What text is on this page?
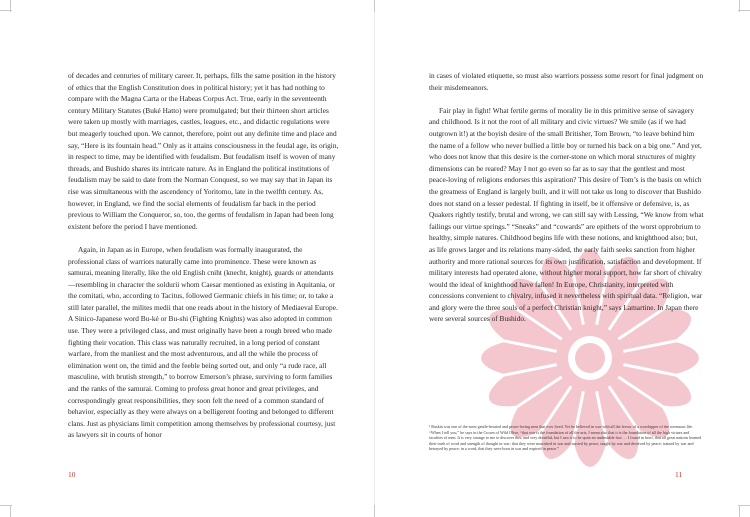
of decades and centuries of military career. It, perhaps, fills the same position in the history of ethics that the English Constitution does in political history; yet it has had nothing to compare with the Magna Carta or the Habeas Corpus Act. True, early in the seventeenth century Military Statutes (Buké Hatto) were promulgated; but their thirteen short articles were taken up mostly with marriages, castles, leagues, etc., and didactic regulations were but meagerly touched upon. We cannot, therefore, point out any definite time and place and say, “Here is its fountain head.” Only as it attains consciousness in the feudal age, its origin, in respect to time, may be identified with feudalism. But feudalism itself is woven of many threads, and Bushido shares its intricate nature. As in England the political institutions of feudalism may be said to date from the Norman Conquest, so we may say that in Japan its rise was simultaneous with the ascendency of Yoritomo, late in the twelfth century. As, however, in England, we find the social elements of feudalism far back in the period previous to William the Conqueror, so, too, the germs of feudalism in Japan had been long existent before the period I have mentioned.

Again, in Japan as in Europe, when feudalism was formally inaugurated, the professional class of warriors naturally came into prominence. These were known as samurai, meaning literally, like the old English cniht (knecht, knight), guards or attendants—resembling in character the soldurii whom Caesar mentioned as existing in Aquitania, or the comitati, who, according to Tacitus, followed Germanic chiefs in his time; or, to take a still later parallel, the milites medii that one reads about in the history of Mediaeval Europe. A Sinico-Japanese word Bu-ké or Bu-shi (Fighting Knights) was also adopted in common use. They were a privileged class, and must originally have been a rough breed who made fighting their vocation. This class was naturally recruited, in a long period of constant warfare, from the manliest and the most adventurous, and all the while the process of elimination went on, the timid and the feeble being sorted out, and only “a rude race, all masculine, with brutish strength,” to borrow Emerson’s phrase, surviving to form families and the ranks of the samurai. Coming to profess great honor and great privileges, and correspondingly great responsibilities, they soon felt the need of a common standard of behavior, especially as they were always on a belligerent footing and belonged to different clans. Just as physicians limit competition among themselves by professional courtesy, just as lawyers sit in courts of honor

10

in cases of violated etiquette, so must also warriors possess some resort for final judgment on their misdemeanors.

Fair play in fight! What fertile germs of morality lie in this primitive sense of savagery and childhood. Is it not the root of all military and civic virtues? We smile (as if we had outgrown it!) at the boyish desire of the small Britisher, Tom Brown, “to leave behind him the name of a fellow who never bullied a little boy or turned his back on a big one.” And yet, who does not know that this desire is the corner-stone on which moral structures of mighty dimensions can be reared? May I not go even so far as to say that the gentlest and most peace-loving of religions endorses this aspiration? This desire of Tom’s is the basis on which the greatness of England is largely built, and it will not take us long to discover that Bushido does not stand on a lesser pedestal. If fighting in itself, be it offensive or defensive, is, as Quakers rightly testify, brutal and wrong, we can still say with Lessing, “We know from what failings our virtue springs.” “Sneaks” and “cowards” are epithets of the worst opprobrium to healthy, simple natures. Childhood begins life with these notions, and knighthood also; but, as life grows larger and its relations many-sided, the early faith seeks sanction from higher authority and more rational sources for its own justification, satisfaction and development. If military interests had operated alone, without higher moral support, how far short of chivalry would the ideal of knighthood have fallen! In Europe, Christianity, interpreted with concessions convenient to chivalry, infused it nevertheless with spiritual data. “Religion, war and glory were the three souls of a perfect Christian knight,” says Lamartine. In Japan there were several sources of Bushido.

¹ Ruskin was one of the most gentle-hearted and peace-loving men that ever lived. Yet he believed in war with all the fervor of a worshipper of the strenuous life. “When I tell you,” he says in the Crown of Wild Olive, “that war is the foundation of all the arts, I mean also that it is the foundation of all the high virtues and faculties of men. It is very strange to me to discover this, and very dreadful, but I saw it to be quite an undeniable fact. . . I found in brief, that all great nations learned their truth of word and strength of thought in war; that they were nourished in war and wasted by peace, taught by war and deceived by peace; trained by war and betrayed by peace; in a word, that they were born in war and expired in peace.”
11
